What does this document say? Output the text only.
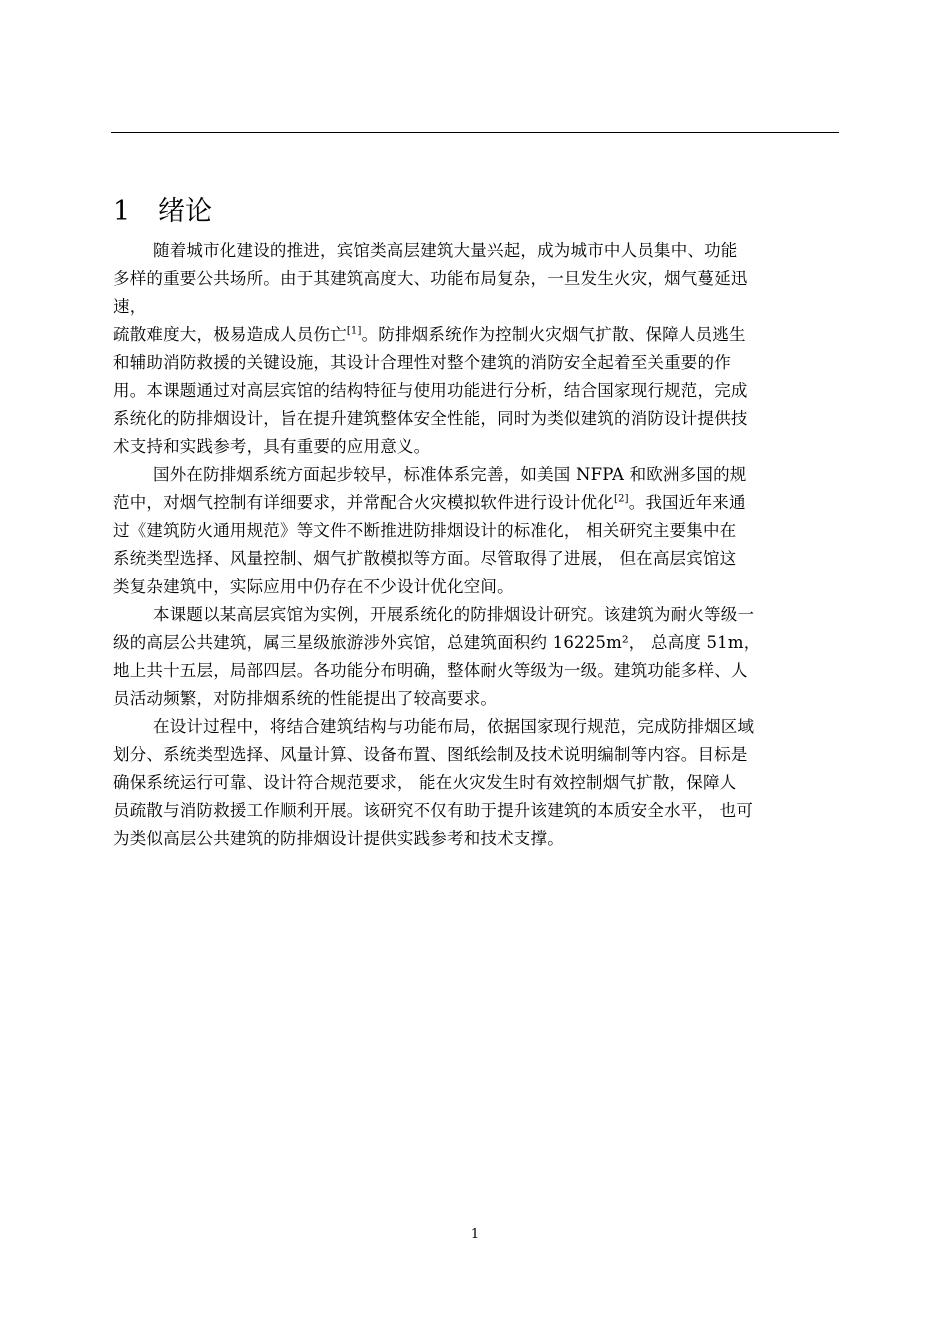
1 绪论

随着城市化建设的推进，宾馆类高层建筑大量兴起，成为城市中人员集中、功能
多样的重要公共场所。由于其建筑高度大、功能布局复杂，一旦发生火灾，烟气蔓延迅
速，
疏散难度大，极易造成人员伤亡[1]。防排烟系统作为控制火灾烟气扩散、保障人员逃生
和辅助消防救援的关键设施，其设计合理性对整个建筑的消防安全起着至关重要的作
用。本课题通过对高层宾馆的结构特征与使用功能进行分析，结合国家现行规范，完成
系统化的防排烟设计，旨在提升建筑整体安全性能，同时为类似建筑的消防设计提供技
术支持和实践参考，具有重要的应用意义。

国外在防排烟系统方面起步较早，标准体系完善，如美国 NFPA 和欧洲多国的规
范中，对烟气控制有详细要求，并常配合火灾模拟软件进行设计优化[2]。我国近年来通
过《建筑防火通用规范》等文件不断推进防排烟设计的标准化， 相关研究主要集中在
系统类型选择、风量控制、烟气扩散模拟等方面。尽管取得了进展， 但在高层宾馆这
类复杂建筑中，实际应用中仍存在不少设计优化空间。

本课题以某高层宾馆为实例，开展系统化的防排烟设计研究。该建筑为耐火等级一
级的高层公共建筑，属三星级旅游涉外宾馆，总建筑面积约 16225m²， 总高度 51m，
地上共十五层，局部四层。各功能分布明确，整体耐火等级为一级。建筑功能多样、人
员活动频繁，对防排烟系统的性能提出了较高要求。

在设计过程中，将结合建筑结构与功能布局，依据国家现行规范，完成防排烟区域
划分、系统类型选择、风量计算、设备布置、图纸绘制及技术说明编制等内容。目标是
确保系统运行可靠、设计符合规范要求， 能在火灾发生时有效控制烟气扩散，保障人
员疏散与消防救援工作顺利开展。该研究不仅有助于提升该建筑的本质安全水平， 也可
为类似高层公共建筑的防排烟设计提供实践参考和技术支撑。

1
